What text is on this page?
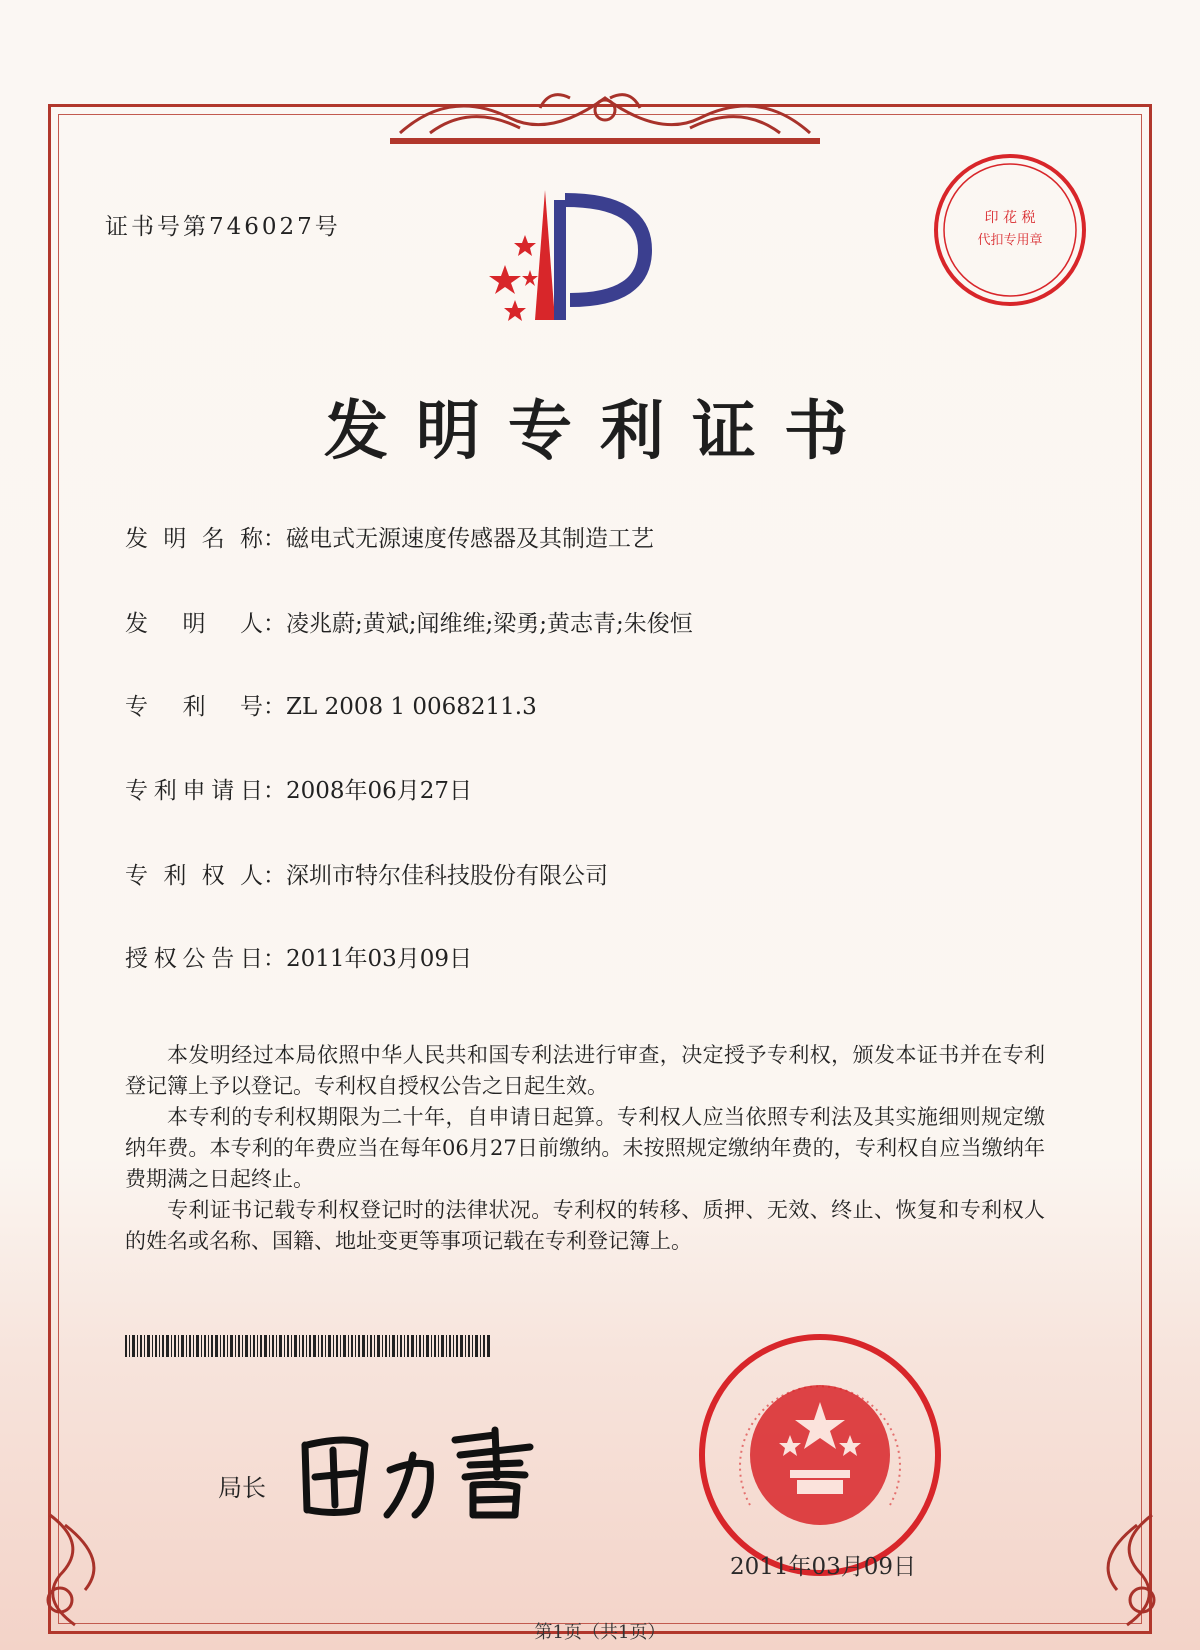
证书号第746027号	印 花 税
代扣专用章
发明专利证书
发 明 名 称 ：磁电式无源速度传感器及其制造工艺
发 明 人 ：凌兆蔚;黄斌;闻维维;梁勇;黄志青;朱俊恒
专 利 号 ：ZL 2008 1 0068211.3
专 利 申 请 日 ：2008年06月27日
专 利 权 人 ：深圳市特尔佳科技股份有限公司
授 权 公 告 日 ：2011年03月09日

本发明经过本局依照中华人民共和国专利法进行审查，决定授予专利权，颁发本证书并在专利登记簿上予以登记。专利权自授权公告之日起生效。

本专利的专利权期限为二十年，自申请日起算。专利权人应当依照专利法及其实施细则规定缴纳年费。本专利的年费应当在每年06月27日前缴纳。未按照规定缴纳年费的，专利权自应当缴纳年费期满之日起终止。

专利证书记载专利权登记时的法律状况。专利权的转移、质押、无效、终止、恢复和专利权人的姓名或名称、国籍、地址变更等事项记载在专利登记簿上。

局长
2011年03月09日
第1页（共1页）
